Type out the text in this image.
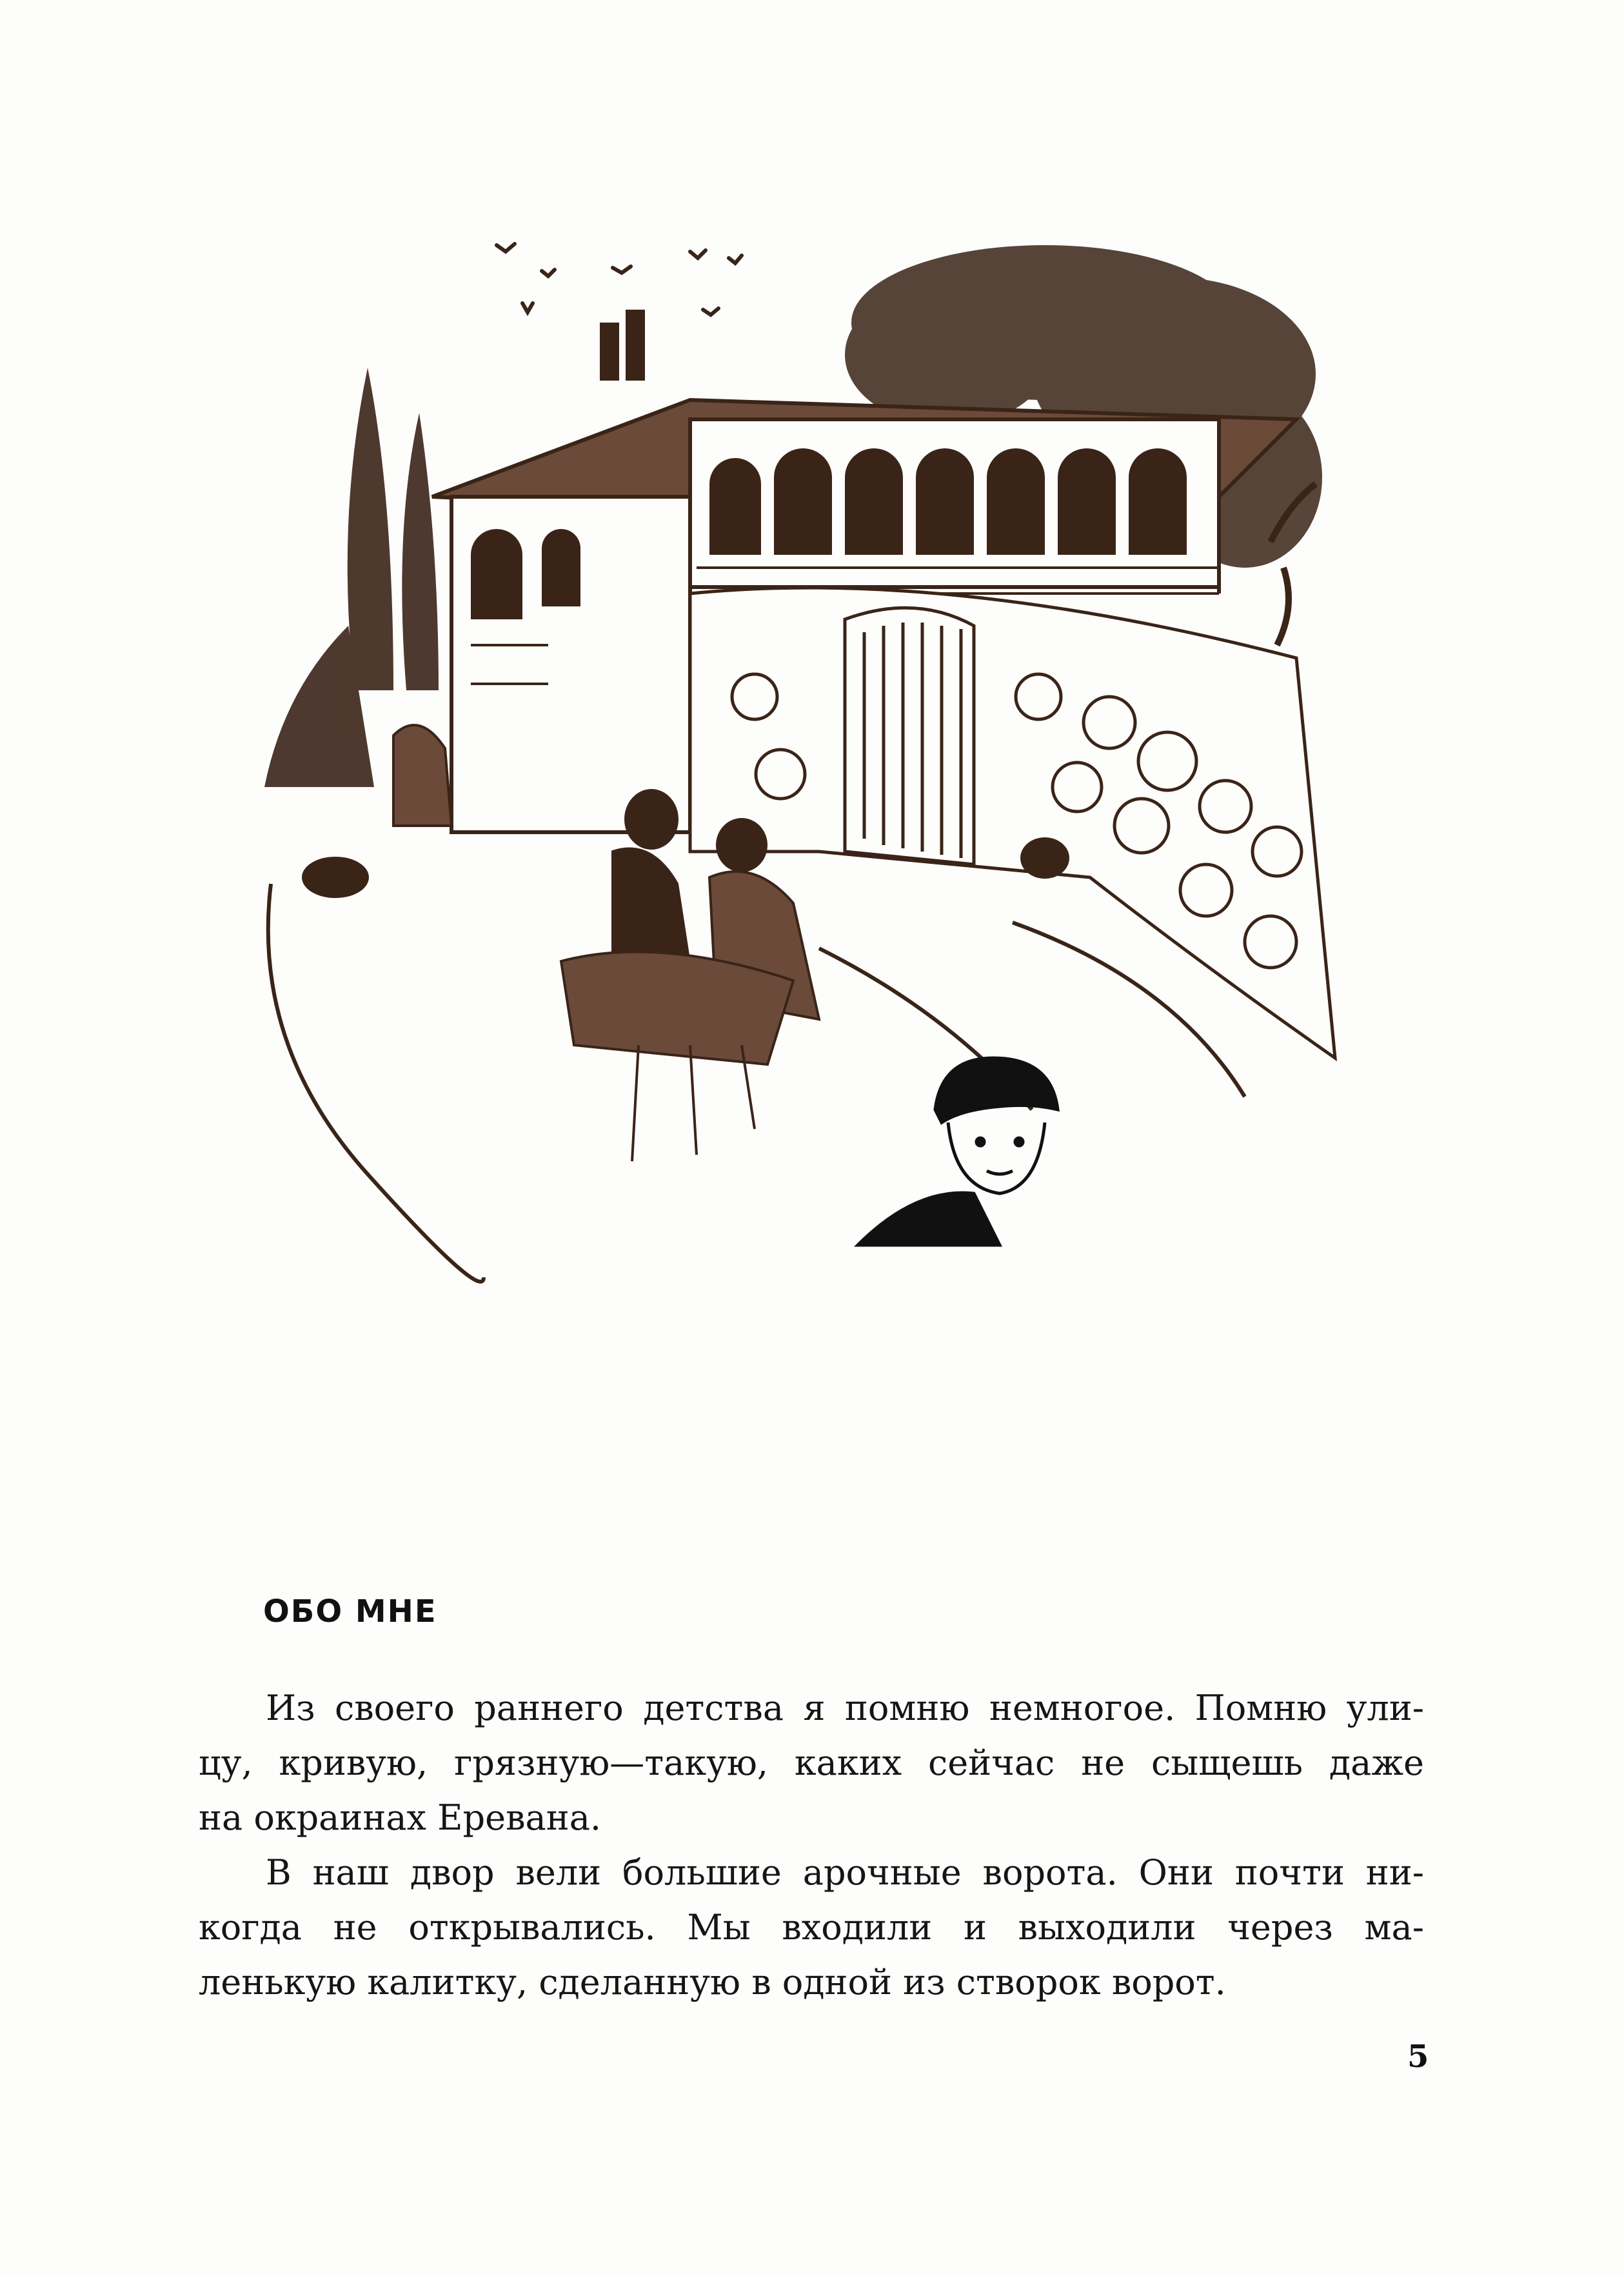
ОБО МНЕ

Из своего раннего детства я помню немногое. Помню ули-
цу, кривую, грязную—такую, каких сейчас не сыщешь даже
на окраинах Еревана.

В наш двор вели большие арочные ворота. Они почти ни-
когда не открывались. Мы входили и выходили через ма-
ленькую калитку, сделанную в одной из створок ворот.

5
